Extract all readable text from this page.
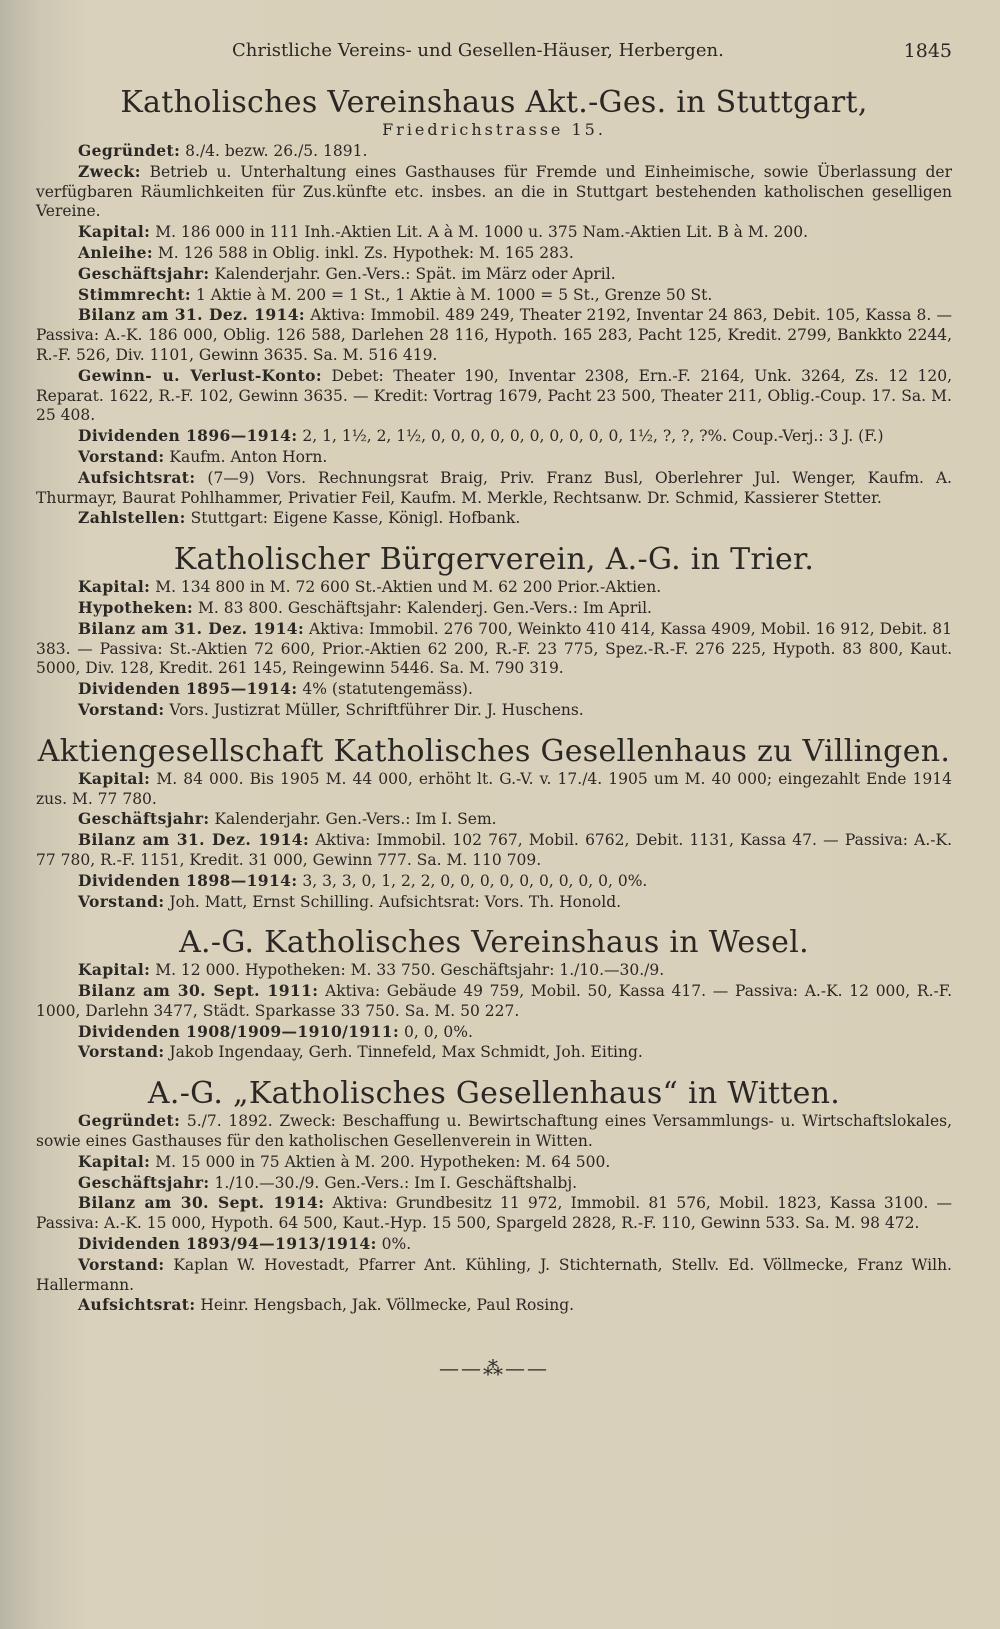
Christliche Vereins- und Gesellen-Häuser, Herbergen.	1845
Katholisches Vereinshaus Akt.-Ges. in Stuttgart,
Friedrichstrasse 15.

Gegründet: 8./4. bezw. 26./5. 1891.

Zweck: Betrieb u. Unterhaltung eines Gasthauses für Fremde und Einheimische, sowie Überlassung der verfügbaren Räumlichkeiten für Zus.künfte etc. insbes. an die in Stuttgart bestehenden katholischen geselligen Vereine.

Kapital: M. 186 000 in 111 Inh.-Aktien Lit. A à M. 1000 u. 375 Nam.-Aktien Lit. B à M. 200.

Anleihe: M. 126 588 in Oblig. inkl. Zs. Hypothek: M. 165 283.

Geschäftsjahr: Kalenderjahr. Gen.-Vers.: Spät. im März oder April.

Stimmrecht: 1 Aktie à M. 200 = 1 St., 1 Aktie à M. 1000 = 5 St., Grenze 50 St.

Bilanz am 31. Dez. 1914: Aktiva: Immobil. 489 249, Theater 2192, Inventar 24 863, Debit. 105, Kassa 8. — Passiva: A.-K. 186 000, Oblig. 126 588, Darlehen 28 116, Hypoth. 165 283, Pacht 125, Kredit. 2799, Bankkto 2244, R.-F. 526, Div. 1101, Gewinn 3635. Sa. M. 516 419.

Gewinn- u. Verlust-Konto: Debet: Theater 190, Inventar 2308, Ern.-F. 2164, Unk. 3264, Zs. 12 120, Reparat. 1622, R.-F. 102, Gewinn 3635. — Kredit: Vortrag 1679, Pacht 23 500, Theater 211, Oblig.-Coup. 17. Sa. M. 25 408.

Dividenden 1896—1914: 2, 1, 1½, 2, 1½, 0, 0, 0, 0, 0, 0, 0, 0, 0, 0, 1½, ?, ?, ?%. Coup.-Verj.: 3 J. (F.)

Vorstand: Kaufm. Anton Horn.

Aufsichtsrat: (7—9) Vors. Rechnungsrat Braig, Priv. Franz Busl, Oberlehrer Jul. Wenger, Kaufm. A. Thurmayr, Baurat Pohlhammer, Privatier Feil, Kaufm. M. Merkle, Rechtsanw. Dr. Schmid, Kassierer Stetter.

Zahlstellen: Stuttgart: Eigene Kasse, Königl. Hofbank.

Katholischer Bürgerverein, A.-G. in Trier.

Kapital: M. 134 800 in M. 72 600 St.-Aktien und M. 62 200 Prior.-Aktien.

Hypotheken: M. 83 800. Geschäftsjahr: Kalenderj. Gen.-Vers.: Im April.

Bilanz am 31. Dez. 1914: Aktiva: Immobil. 276 700, Weinkto 410 414, Kassa 4909, Mobil. 16 912, Debit. 81 383. — Passiva: St.-Aktien 72 600, Prior.-Aktien 62 200, R.-F. 23 775, Spez.-R.-F. 276 225, Hypoth. 83 800, Kaut. 5000, Div. 128, Kredit. 261 145, Reingewinn 5446. Sa. M. 790 319.

Dividenden 1895—1914: 4% (statutengemäss).

Vorstand: Vors. Justizrat Müller, Schriftführer Dir. J. Huschens.

Aktiengesellschaft Katholisches Gesellenhaus zu Villingen.

Kapital: M. 84 000. Bis 1905 M. 44 000, erhöht lt. G.-V. v. 17./4. 1905 um M. 40 000; eingezahlt Ende 1914 zus. M. 77 780.

Geschäftsjahr: Kalenderjahr. Gen.-Vers.: Im I. Sem.

Bilanz am 31. Dez. 1914: Aktiva: Immobil. 102 767, Mobil. 6762, Debit. 1131, Kassa 47. — Passiva: A.-K. 77 780, R.-F. 1151, Kredit. 31 000, Gewinn 777. Sa. M. 110 709.

Dividenden 1898—1914: 3, 3, 3, 0, 1, 2, 2, 0, 0, 0, 0, 0, 0, 0, 0, 0, 0%.

Vorstand: Joh. Matt, Ernst Schilling. Aufsichtsrat: Vors. Th. Honold.

A.-G. Katholisches Vereinshaus in Wesel.

Kapital: M. 12 000. Hypotheken: M. 33 750. Geschäftsjahr: 1./10.—30./9.

Bilanz am 30. Sept. 1911: Aktiva: Gebäude 49 759, Mobil. 50, Kassa 417. — Passiva: A.-K. 12 000, R.-F. 1000, Darlehn 3477, Städt. Sparkasse 33 750. Sa. M. 50 227.

Dividenden 1908/1909—1910/1911: 0, 0, 0%.

Vorstand: Jakob Ingendaay, Gerh. Tinnefeld, Max Schmidt, Joh. Eiting.

A.-G. „Katholisches Gesellenhaus“ in Witten.

Gegründet: 5./7. 1892. Zweck: Beschaffung u. Bewirtschaftung eines Versammlungs- u. Wirtschaftslokales, sowie eines Gasthauses für den katholischen Gesellenverein in Witten.

Kapital: M. 15 000 in 75 Aktien à M. 200. Hypotheken: M. 64 500.

Geschäftsjahr: 1./10.—30./9. Gen.-Vers.: Im I. Geschäftshalbj.

Bilanz am 30. Sept. 1914: Aktiva: Grundbesitz 11 972, Immobil. 81 576, Mobil. 1823, Kassa 3100. — Passiva: A.-K. 15 000, Hypoth. 64 500, Kaut.-Hyp. 15 500, Spargeld 2828, R.-F. 110, Gewinn 533. Sa. M. 98 472.

Dividenden 1893/94—1913/1914: 0%.

Vorstand: Kaplan W. Hovestadt, Pfarrer Ant. Kühling, J. Stichternath, Stellv. Ed. Völlmecke, Franz Wilh. Hallermann.

Aufsichtsrat: Heinr. Hengsbach, Jak. Völlmecke, Paul Rosing.

——⁂——
